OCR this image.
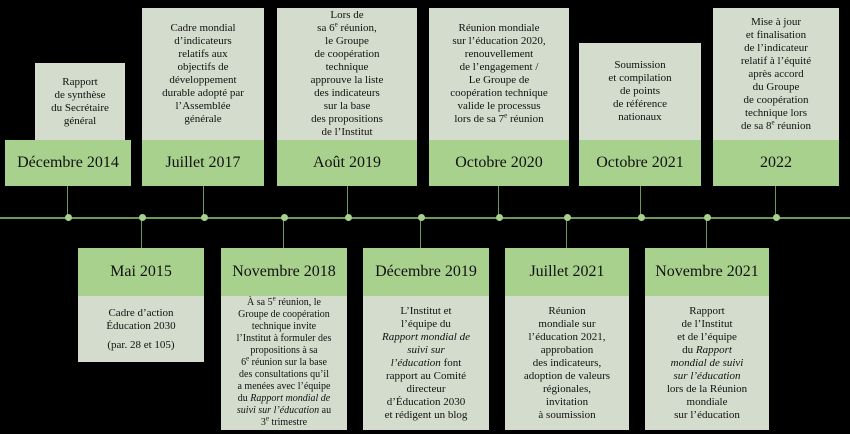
Rapport
de synthèse
du Secrétaire
général
Décembre 2014
Cadre mondial
d’indicateurs
relatifs aux
objectifs de
développement
durable adopté par
l’Assemblée
générale
Juillet 2017
Lors de
sa 6e réunion,
le Groupe
de coopération
technique
approuve la liste
des indicateurs
sur la base
des propositions
de l’Institut
Août 2019
Réunion mondiale
sur l’éducation 2020,
renouvellement
de l’engagement /
Le Groupe de
coopération technique
valide le processus
lors de sa 7e réunion
Octobre 2020
Soumission
et compilation
de points
de référence
nationaux
Octobre 2021
Mise à jour
et finalisation
de l’indicateur
relatif à l’équité
après accord
du Groupe
de coopération
technique lors
de sa 8e réunion
2022
Mai 2015
Cadre d’action
Éducation 2030
(par. 28 et 105)
Novembre 2018
À sa 5e réunion, le
Groupe de coopération
technique invite
l’Institut à formuler des
propositions à sa
6e réunion sur la base
des consultations qu’il
a menées avec l’équipe
du Rapport mondial de
suivi sur l’éducation au
3e trimestre
Décembre 2019
L’Institut et
l’équipe du
Rapport mondial de
suivi sur
l’éducation font
rapport au Comité
directeur
d’Éducation 2030
et rédigent un blog
Juillet 2021
Réunion
mondiale sur
l’éducation 2021,
approbation
des indicateurs,
adoption de valeurs
régionales,
invitation
à soumission
Novembre 2021
Rapport
de l’Institut
et de l’équipe
du Rapport
mondial de suivi
sur l’éducation
lors de la Réunion
mondiale
sur l’éducation
